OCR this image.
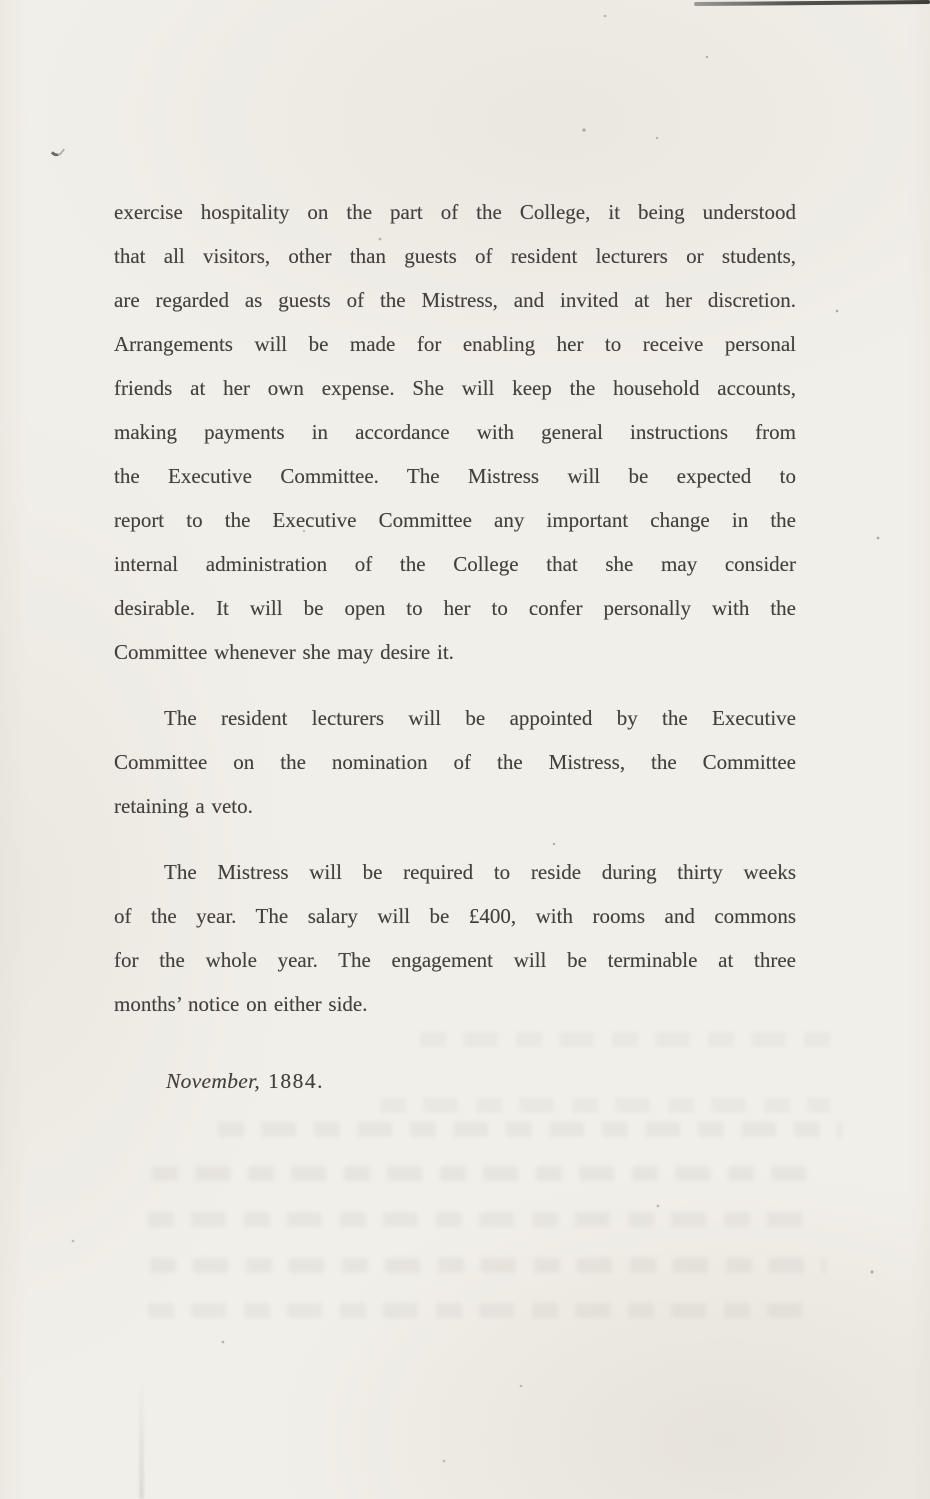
exercise hospitality on the part of the College, it being understood
that all visitors, other than guests of resident lecturers or students,
are regarded as guests of the Mistress, and invited at her discretion.
Arrangements will be made for enabling her to receive personal
friends at her own expense. She will keep the household accounts,
making payments in accordance with general instructions from
the Executive Committee. The Mistress will be expected to
report to the Executive Committee any important change in the
internal administration of the College that she may consider
desirable. It will be open to her to confer personally with the
Committee whenever she may desire it.

The resident lecturers will be appointed by the Executive
Committee on the nomination of the Mistress, the Committee
retaining a veto.

The Mistress will be required to reside during thirty weeks
of the year. The salary will be £400, with rooms and commons
for the whole year. The engagement will be terminable at three
months’ notice on either side.

November, 1884.
